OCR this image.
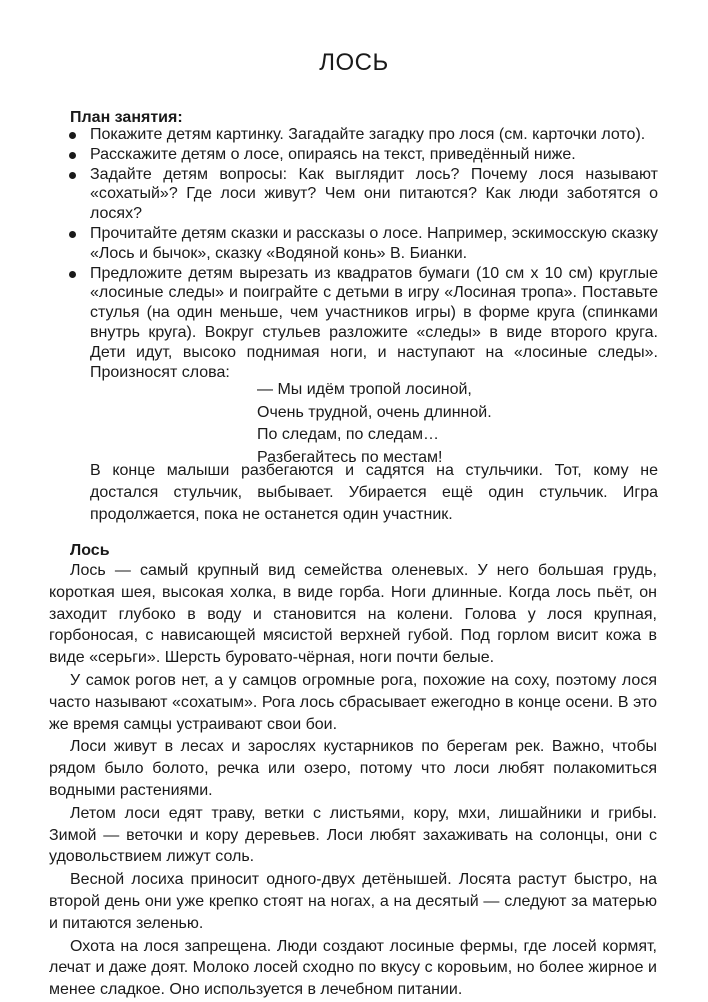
ЛОСЬ
План занятия:
Покажите детям картинку. Загадайте загадку про лося (см. карточки лото).
Расскажите детям о лосе, опираясь на текст, приведённый ниже.
Задайте детям вопросы: Как выглядит лось? Почему лося называют «сохатый»? Где лоси живут? Чем они питаются? Как люди заботятся о лосях?
Прочитайте детям сказки и рассказы о лосе. Например, эскимосскую сказку «Лось и бычок», сказку «Водяной конь» В. Бианки.
Предложите детям вырезать из квадратов бумаги (10 см х 10 см) круглые «лосиные следы» и поиграйте с детьми в игру «Лосиная тропа». Поставьте стулья (на один меньше, чем участников игры) в форме круга (спинками внутрь круга). Вокруг стульев разложите «следы» в виде второго круга. Дети идут, высоко поднимая ноги, и наступают на «лосиные следы». Произносят слова:
— Мы идём тропой лосиной,
Очень трудной, очень длинной.
По следам, по следам…
Разбегайтесь по местам!

В конце малыши разбегаются и садятся на стульчики. Тот, кому не досталcя стульчик, выбывает. Убирается ещё один стульчик. Игра продолжается, пока не останется один участник.

Лось

Лось — самый крупный вид семейства оленевых. У него большая грудь, короткая шея, высокая холка, в виде горба. Ноги длинные. Когда лось пьёт, он заходит глубоко в воду и становится на колени. Голова у лося крупная, горбоносая, с нависающей мясистой верхней губой. Под горлом висит кожа в виде «серьги». Шерсть буровато-чёрная, ноги почти белые.

У самок рогов нет, а у самцов огромные рога, похожие на соху, поэтому лося часто называют «сохатым». Рога лось сбрасывает ежегодно в конце осени. В это же время самцы устраивают свои бои.

Лоси живут в лесах и зарослях кустарников по берегам рек. Важно, чтобы рядом было болото, речка или озеро, потому что лоси любят полакомиться водными растениями.

Летом лоси едят траву, ветки с листьями, кору, мхи, лишайники и грибы. Зимой — веточки и кору деревьев. Лоси любят захаживать на солонцы, они с удовольствием лижут соль.

Весной лосиха приносит одного-двух детёнышей. Лосята растут быстро, на второй день они уже крепко стоят на ногах, а на десятый — следуют за матерью и питаются зеленью.

Охота на лося запрещена. Люди создают лосиные фермы, где лосей кормят, лечат и даже доят. Молоко лосей сходно по вкусу с коровьим, но более жирное и менее сладкое. Оно используется в лечебном питании.
